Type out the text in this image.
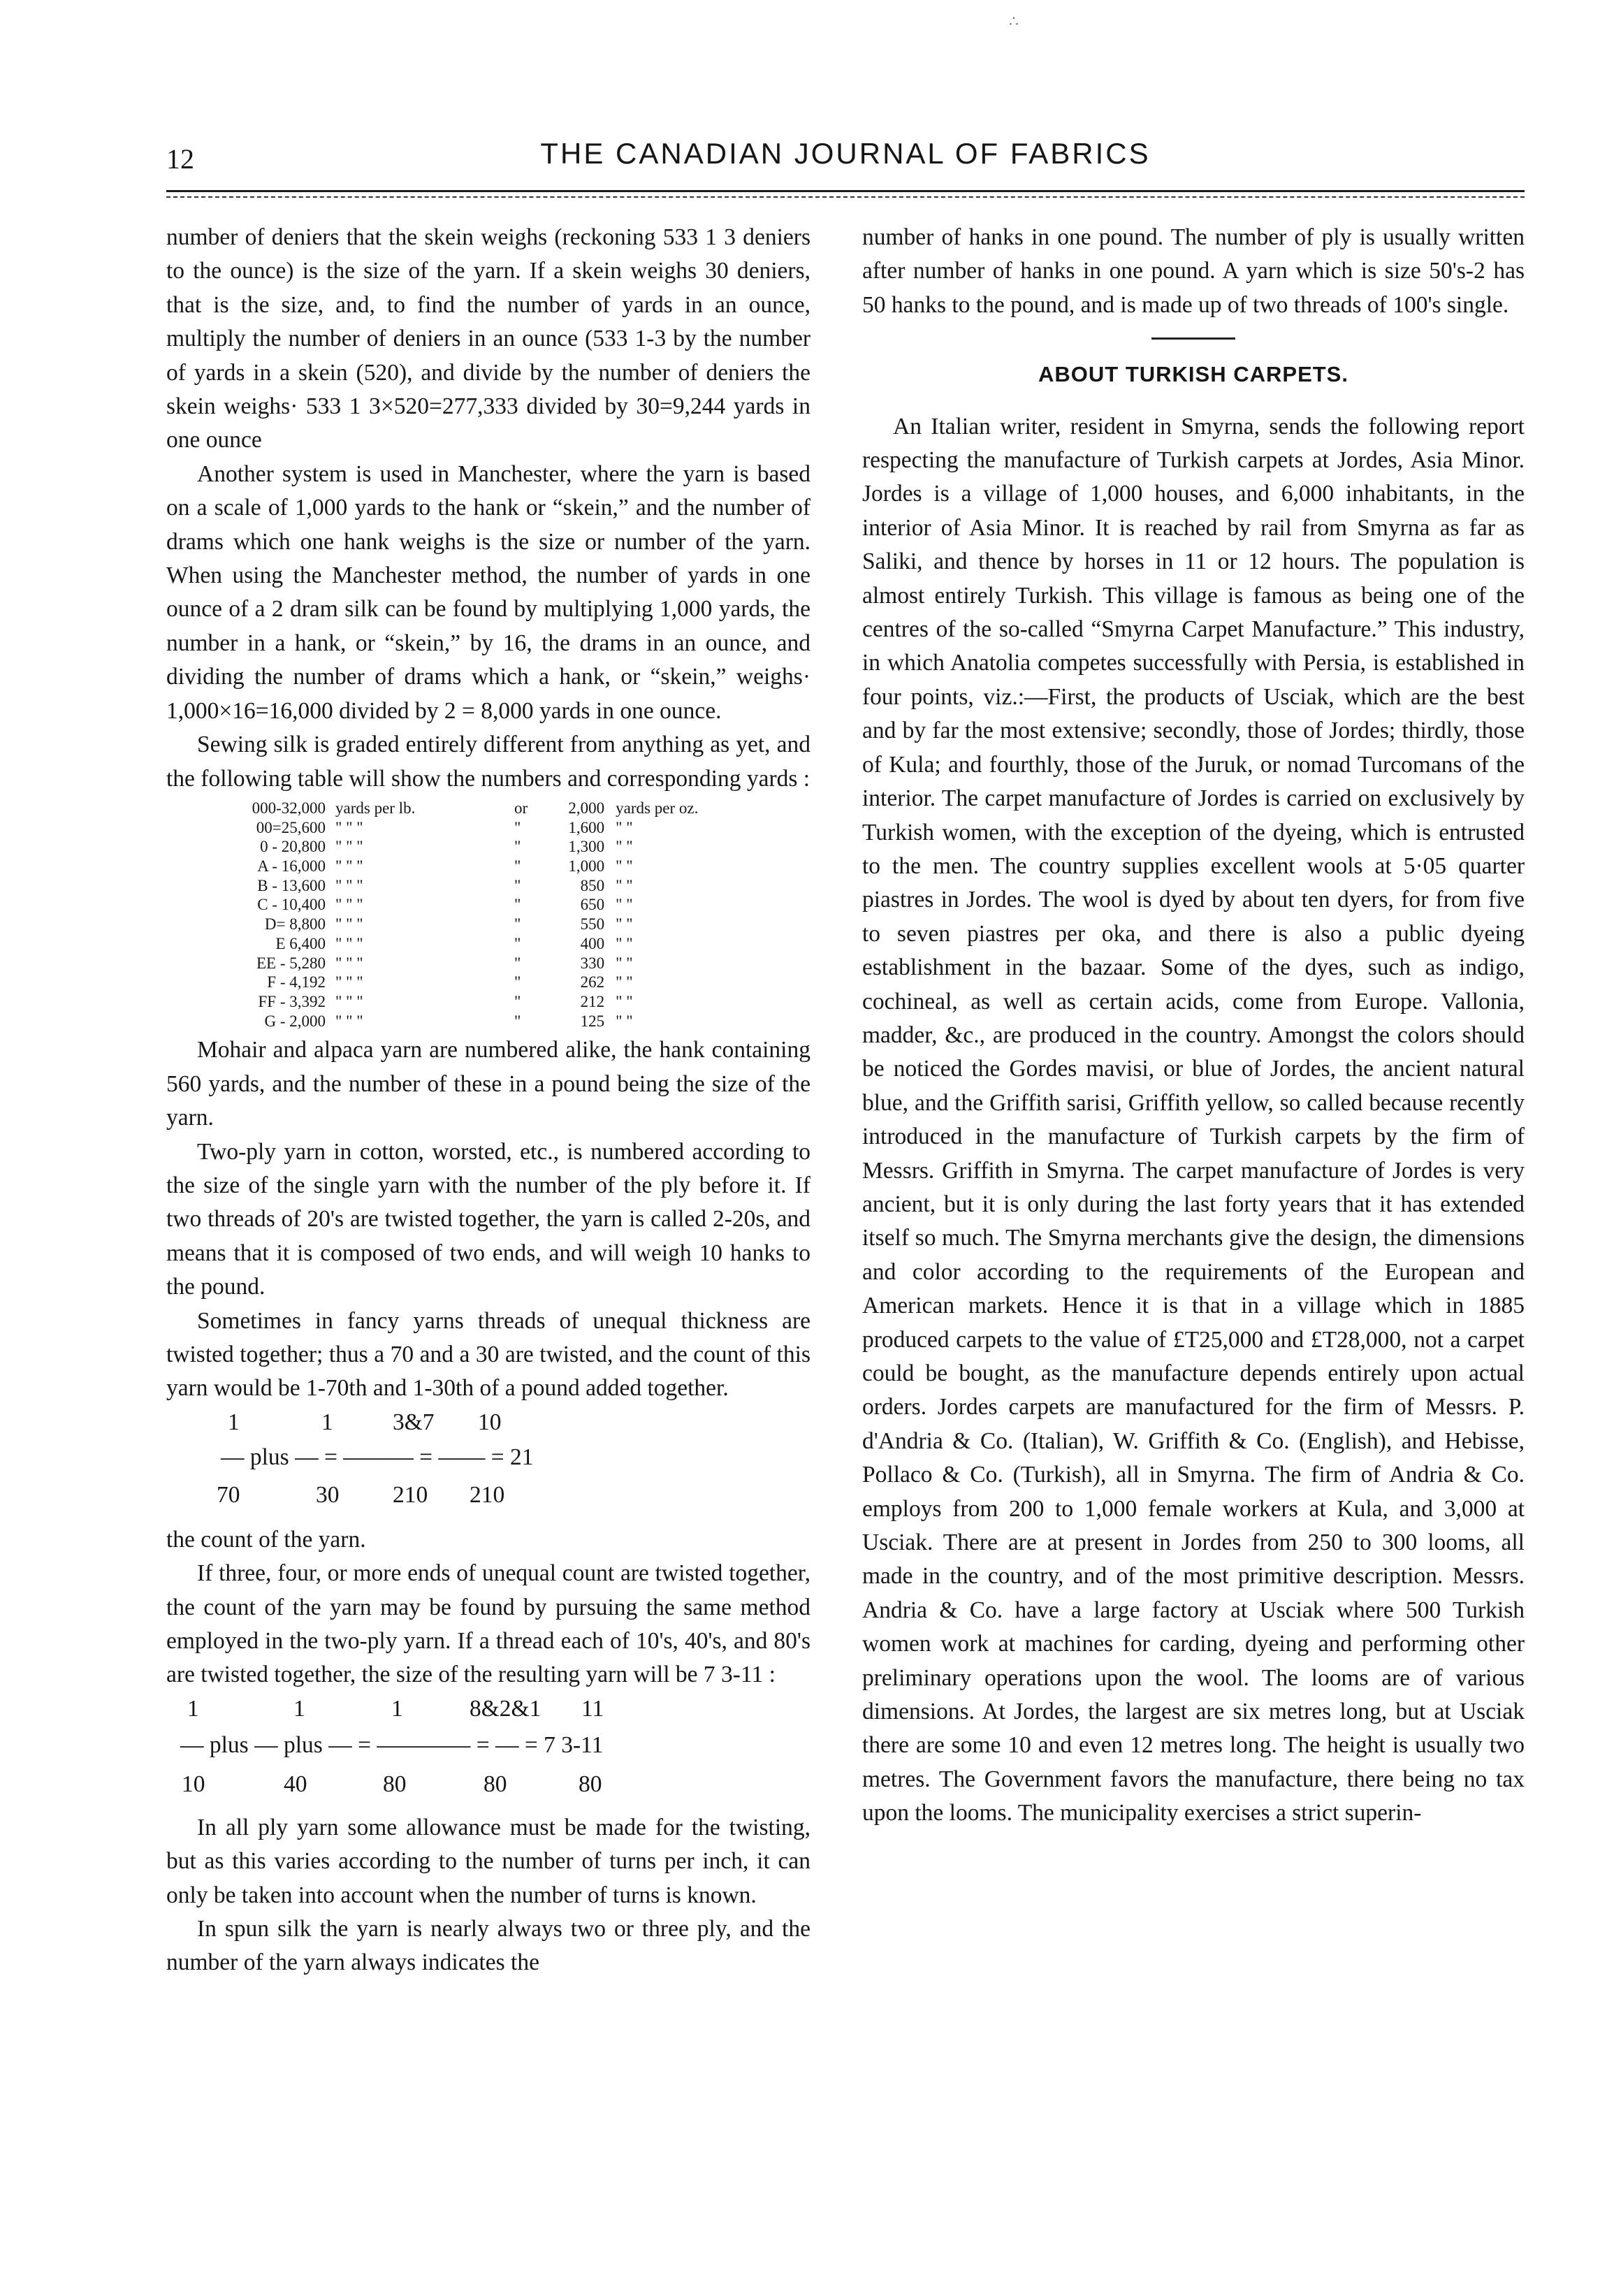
∴
12	THE CANADIAN JOURNAL OF FABRICS

number of deniers that the skein weighs (reckoning 533 1 3 deniers to the ounce) is the size of the yarn. If a skein weighs 30 deniers, that is the size, and, to find the number of yards in an ounce, multiply the number of deniers in an ounce (533 1-3 by the number of yards in a skein (520), and divide by the number of deniers the skein weighs· 533 1 3×520=277,333 divided by 30=9,244 yards in one ounce

Another system is used in Manchester, where the yarn is based on a scale of 1,000 yards to the hank or “skein,” and the number of drams which one hank weighs is the size or number of the yarn. When using the Manchester method, the number of yards in one ounce of a 2 dram silk can be found by multiplying 1,000 yards, the number in a hank, or “skein,” by 16, the drams in an ounce, and dividing the number of drams which a hank, or “skein,” weighs· 1,000×16=16,000 divided by 2 = 8,000 yards in one ounce.

Sewing silk is graded entirely different from anything as yet, and the following table will show the numbers and corresponding yards :

000‑32,000	yards per lb.	or	2,000	yards per oz.
00=25,600	" " "	"	1,600	" "
0 ‑ 20,800	" " "	"	1,300	" "
A ‑ 16,000	" " "	"	1,000	" "
B ‑ 13,600	" " "	"	850	" "
C ‑ 10,400	" " "	"	650	" "
D= 8,800	" " "	"	550	" "
E 6,400	" " "	"	400	" "
EE ‑ 5,280	" " "	"	330	" "
F ‑ 4,192	" " "	"	262	" "
FF ‑ 3,392	" " "	"	212	" "
G ‑ 2,000	" " "	"	125	" "

Mohair and alpaca yarn are numbered alike, the hank containing 560 yards, and the number of these in a pound being the size of the yarn.

Two-ply yarn in cotton, worsted, etc., is numbered according to the size of the single yarn with the number of the ply before it. If two threads of 20's are twisted together, the yarn is called 2-20s, and means that it is composed of two ends, and will weigh 10 hanks to the pound.

Sometimes in fancy yarns threads of unequal thickness are twisted together; thus a 70 and a 30 are twisted, and the count of this yarn would be 1-70th and 1-30th of a pound added together.

1	1	3&7 10
— plus — = ——— = —— = 21
70	30 210 210

the count of the yarn.

If three, four, or more ends of unequal count are twisted together, the count of the yarn may be found by pursuing the same method employed in the two-ply yarn. If a thread each of 10's, 40's, and 80's are twisted together, the size of the resulting yarn will be 7 3-11 :

1	1	1	8&2&1 11
— plus — plus — = ———— = — = 7 3-11
10	40	80	80	80

In all ply yarn some allowance must be made for the twisting, but as this varies according to the number of turns per inch, it can only be taken into account when the number of turns is known.

In spun silk the yarn is nearly always two or three ply, and the number of the yarn always indicates the

number of hanks in one pound. The number of ply is usually written after number of hanks in one pound. A yarn which is size 50's-2 has 50 hanks to the pound, and is made up of two threads of 100's single.

ABOUT TURKISH CARPETS.

An Italian writer, resident in Smyrna, sends the following report respecting the manufacture of Turkish carpets at Jordes, Asia Minor. Jordes is a village of 1,000 houses, and 6,000 inhabitants, in the interior of Asia Minor. It is reached by rail from Smyrna as far as Saliki, and thence by horses in 11 or 12 hours. The population is almost entirely Turkish. This village is famous as being one of the centres of the so-called “Smyrna Carpet Manufacture.” This industry, in which Anatolia competes successfully with Persia, is established in four points, viz.:—First, the products of Usciak, which are the best and by far the most extensive; secondly, those of Jordes; thirdly, those of Kula; and fourthly, those of the Juruk, or nomad Turcomans of the interior. The carpet manufacture of Jordes is carried on exclusively by Turkish women, with the exception of the dyeing, which is entrusted to the men. The country supplies excellent wools at 5·05 quarter piastres in Jordes. The wool is dyed by about ten dyers, for from five to seven piastres per oka, and there is also a public dyeing establishment in the bazaar. Some of the dyes, such as indigo, cochineal, as well as certain acids, come from Europe. Vallonia, madder, &c., are produced in the country. Amongst the colors should be noticed the Gordes mavisi, or blue of Jordes, the ancient natural blue, and the Griffith sarisi, Griffith yellow, so called because recently introduced in the manufacture of Turkish carpets by the firm of Messrs. Griffith in Smyrna. The carpet manufacture of Jordes is very ancient, but it is only during the last forty years that it has extended itself so much. The Smyrna merchants give the design, the dimensions and color according to the requirements of the European and American markets. Hence it is that in a village which in 1885 produced carpets to the value of £T25,000 and £T28,000, not a carpet could be bought, as the manufacture depends entirely upon actual orders. Jordes carpets are manufactured for the firm of Messrs. P. d'Andria & Co. (Italian), W. Griffith & Co. (English), and Hebisse, Pollaco & Co. (Turkish), all in Smyrna. The firm of Andria & Co. employs from 200 to 1,000 female workers at Kula, and 3,000 at Usciak. There are at present in Jordes from 250 to 300 looms, all made in the country, and of the most primitive description. Messrs. Andria & Co. have a large factory at Usciak where 500 Turkish women work at machines for carding, dyeing and performing other preliminary operations upon the wool. The looms are of various dimensions. At Jordes, the largest are six metres long, but at Usciak there are some 10 and even 12 metres long. The height is usually two metres. The Government favors the manufacture, there being no tax upon the looms. The municipality exercises a strict superin-
